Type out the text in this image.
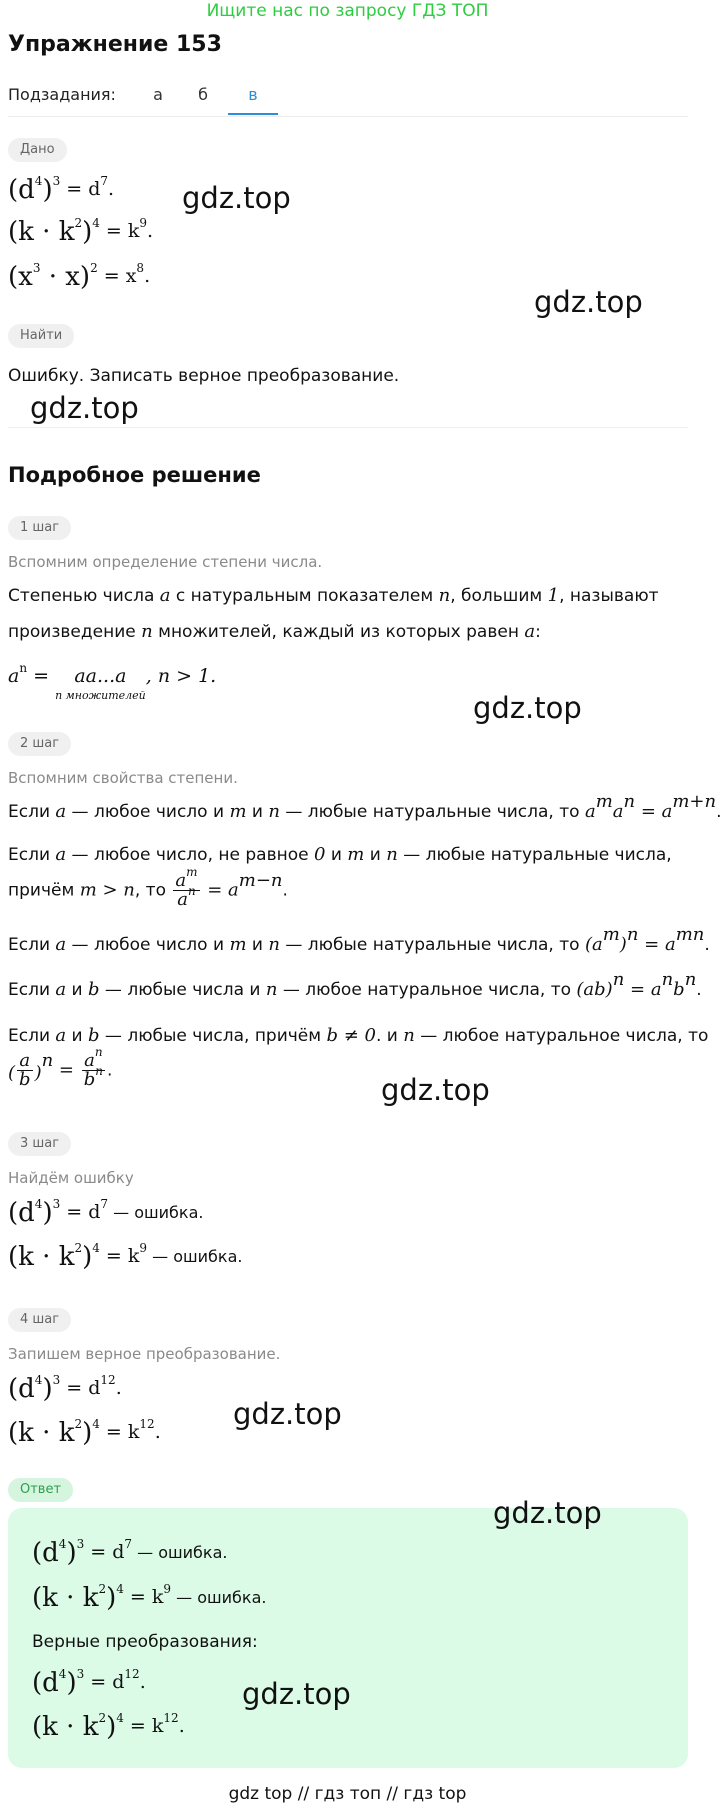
Ищите нас по запросу ГДЗ ТОП
Упражнение 153
Подзадания:	а	б	в
Дано
$(d^4)^3 = d^7$.
$(k \cdot k^2)^4 = k^9$.
$(x^3 \cdot x)^2 = x^8$.
Найти
Ошибку. Записать верное преобразование.
Подробное решение
1 шаг
Вспомним определение степени числа.
Степенью числа a с натуральным показателем n, большим 1, называют
произведение n множителей, каждый из которых равен a:
$a^n = aa...a$
n множителей
, n > 1.
2 шаг
Вспомним свойства степени.
Если a — любое число и m и n — любые натуральные числа, то $a^ma^n = a^{m+n}$.
Если a — любое число, не равное 0 и m и n — любые натуральные числа,
причём m > n, то $\frac{a^m}{a^n} = a^{m-n}$.
Если a — любое число и m и n — любые натуральные числа, то $(a^m)^n = a^{mn}$.
Если a и b — любые числа и n — любое натуральное числа, то $(ab)^n = a^nb^n$.
Если a и b — любые числа, причём b ≠ 0. и n — любое натуральное числа, то
( $\frac{a}{b} )^n = \frac{a^n}{b^n}$ .
3 шаг
Найдём ошибку
$(d^4)^3 = d^7$ — ошибка.
$(k \cdot k^2)^4 = k^9$ — ошибка.
4 шаг
Запишем верное преобразование.
$(d^4)^3 = d^{12}$.
$(k \cdot k^2)^4 = k^{12}$.
Ответ
$(d^4)^3 = d^7$ — ошибка.
$(k \cdot k^2)^4 = k^9$ — ошибка.
Верные преобразования:
$(d^4)^3 = d^{12}$.
$(k \cdot k^2)^4 = k^{12}$.
gdz.top
gdz.top
gdz.top
gdz.top
gdz.top
gdz.top
gdz.top
gdz.top
gdz top // гдз топ // гдз top
